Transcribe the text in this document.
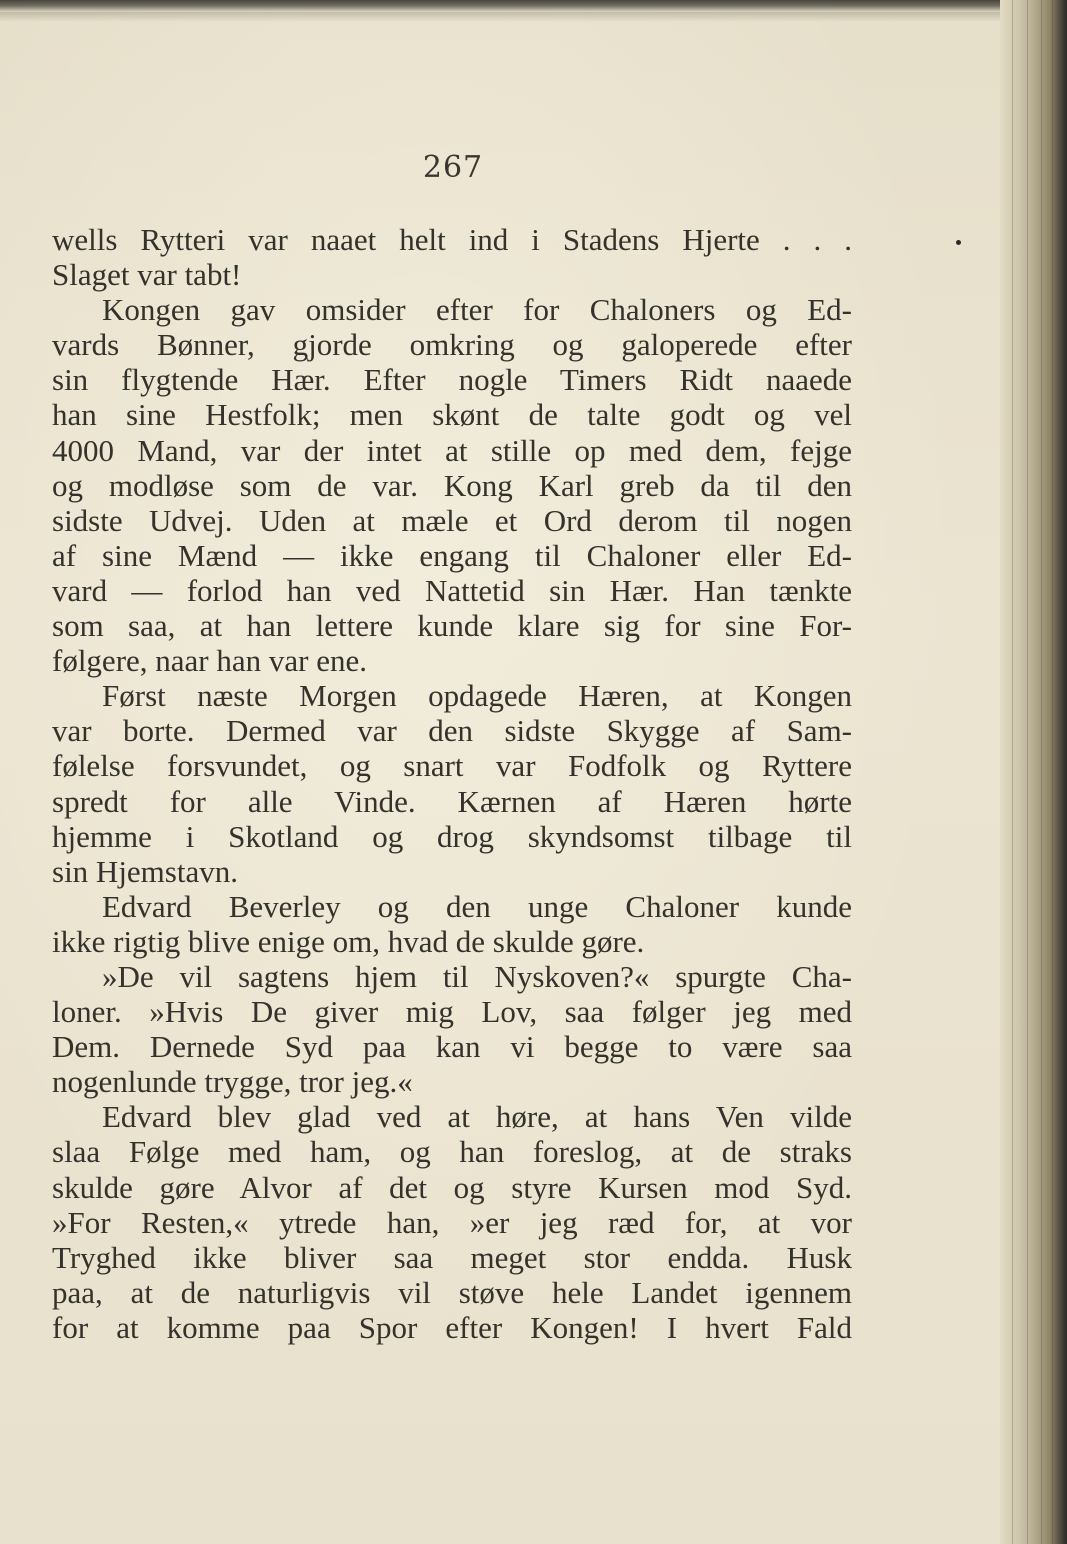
267
wells Rytteri var naaet helt ind i Stadens Hjerte . . .
Slaget var tabt!
Kongen gav omsider efter for Chaloners og Ed-
vards Bønner, gjorde omkring og galoperede efter
sin flygtende Hær. Efter nogle Timers Ridt naaede
han sine Hestfolk; men skønt de talte godt og vel
4000 Mand, var der intet at stille op med dem, fejge
og modløse som de var. Kong Karl greb da til den
sidste Udvej. Uden at mæle et Ord derom til nogen
af sine Mænd — ikke engang til Chaloner eller Ed-
vard — forlod han ved Nattetid sin Hær. Han tænkte
som saa, at han lettere kunde klare sig for sine For-
følgere, naar han var ene.
Først næste Morgen opdagede Hæren, at Kongen
var borte. Dermed var den sidste Skygge af Sam-
følelse forsvundet, og snart var Fodfolk og Ryttere
spredt for alle Vinde. Kærnen af Hæren hørte
hjemme i Skotland og drog skyndsomst tilbage til
sin Hjemstavn.
Edvard Beverley og den unge Chaloner kunde
ikke rigtig blive enige om, hvad de skulde gøre.
»De vil sagtens hjem til Nyskoven?« spurgte Cha-
loner. »Hvis De giver mig Lov, saa følger jeg med
Dem. Dernede Syd paa kan vi begge to være saa
nogenlunde trygge, tror jeg.«
Edvard blev glad ved at høre, at hans Ven vilde
slaa Følge med ham, og han foreslog, at de straks
skulde gøre Alvor af det og styre Kursen mod Syd.
»For Resten,« ytrede han, »er jeg ræd for, at vor
Tryghed ikke bliver saa meget stor endda. Husk
paa, at de naturligvis vil støve hele Landet igennem
for at komme paa Spor efter Kongen! I hvert Fald
